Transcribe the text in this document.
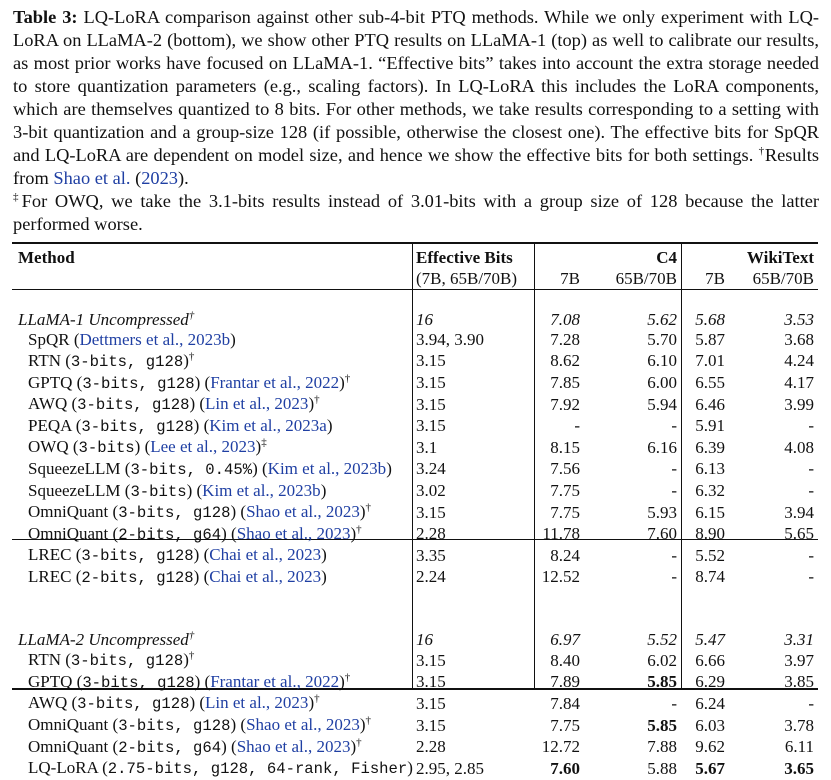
Table 3: LQ-LoRA comparison against other sub-4-bit PTQ methods. While we only experiment with LQ-LoRA on LLaMA-2 (bottom), we show other PTQ results on LLaMA-1 (top) as well to calibrate our results, as most prior works have focused on LLaMA-1. “Effective bits” takes into account the extra storage needed to store quantization parameters (e.g., scaling factors). In LQ-LoRA this includes the LoRA components, which are themselves quantized to 8 bits. For other methods, we take results corresponding to a setting with 3-bit quantization and a group-size 128 (if possible, otherwise the closest one). The effective bits for SpQR and LQ-LoRA are dependent on model size, and hence we show the effective bits for both settings. †Results from Shao et al. (2023).
‡For OWQ, we take the 3.1-bits results instead of 3.01-bits with a group size of 128 because the latter performed worse.
Method	Effective Bits		C4		WikiText
	(7B, 65B/70B)	7B	65B/70B	7B	65B/70B

LLaMA-1 Uncompressed†	16	7.08	5.62	5.68	3.53
SpQR (Dettmers et al., 2023b)	3.94, 3.90	7.28	5.70	5.87	3.68
RTN (3-bits, g128)†	3.15	8.62	6.10	7.01	4.24
GPTQ (3-bits, g128) (Frantar et al., 2022)†	3.15	7.85	6.00	6.55	4.17
AWQ (3-bits, g128) (Lin et al., 2023)†	3.15	7.92	5.94	6.46	3.99
PEQA (3-bits, g128) (Kim et al., 2023a)	3.15	-	-	5.91	-
OWQ (3-bits) (Lee et al., 2023)‡	3.1	8.15	6.16	6.39	4.08
SqueezeLLM (3-bits, 0.45%) (Kim et al., 2023b)	3.24	7.56	-	6.13	-
SqueezeLLM (3-bits) (Kim et al., 2023b)	3.02	7.75	-	6.32	-
OmniQuant (3-bits, g128) (Shao et al., 2023)†	3.15	7.75	5.93	6.15	3.94
OmniQuant (2-bits, g64) (Shao et al., 2023)†	2.28	11.78	7.60	8.90	5.65
LREC (3-bits, g128) (Chai et al., 2023)	3.35	8.24	-	5.52	-
LREC (2-bits, g128) (Chai et al., 2023)	2.24	12.52	-	8.74	-

LLaMA-2 Uncompressed†	16	6.97	5.52	5.47	3.31
RTN (3-bits, g128)†	3.15	8.40	6.02	6.66	3.97
GPTQ (3-bits, g128) (Frantar et al., 2022)†	3.15	7.89	5.85	6.29	3.85
AWQ (3-bits, g128) (Lin et al., 2023)†	3.15	7.84	-	6.24	-
OmniQuant (3-bits, g128) (Shao et al., 2023)†	3.15	7.75	5.85	6.03	3.78
OmniQuant (2-bits, g64) (Shao et al., 2023)†	2.28	12.72	7.88	9.62	6.11
LQ-LoRA (2.75-bits, g128, 64-rank, Fisher)	2.95, 2.85	7.60	5.88	5.67	3.65
